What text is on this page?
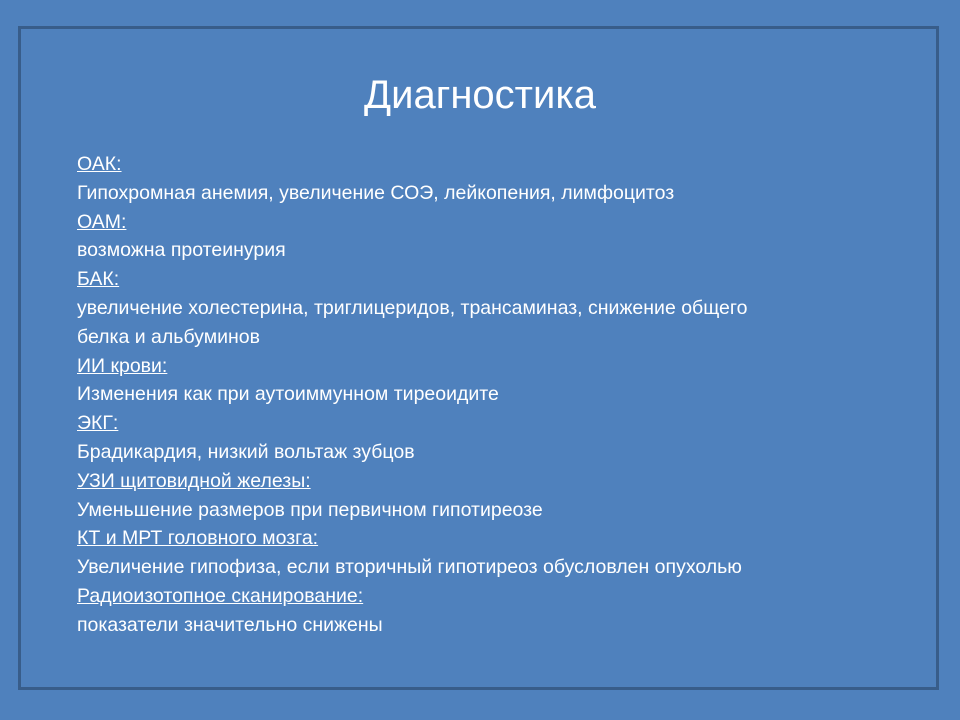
Диагностика

ОАК:

Гипохромная анемия, увеличение СОЭ, лейкопения, лимфоцитоз

ОАМ:

возможна протеинурия

БАК:

увеличение холестерина, триглицеридов, трансаминаз, снижение общего

белка и альбуминов

ИИ крови:

Изменения как при аутоиммунном тиреоидите

ЭКГ:

Брадикардия, низкий вольтаж зубцов

УЗИ щитовидной железы:

Уменьшение размеров при первичном гипотиреозе

КТ и МРТ головного мозга:

Увеличение гипофиза, если вторичный гипотиреоз обусловлен опухолью

Радиоизотопное сканирование:

показатели значительно снижены
